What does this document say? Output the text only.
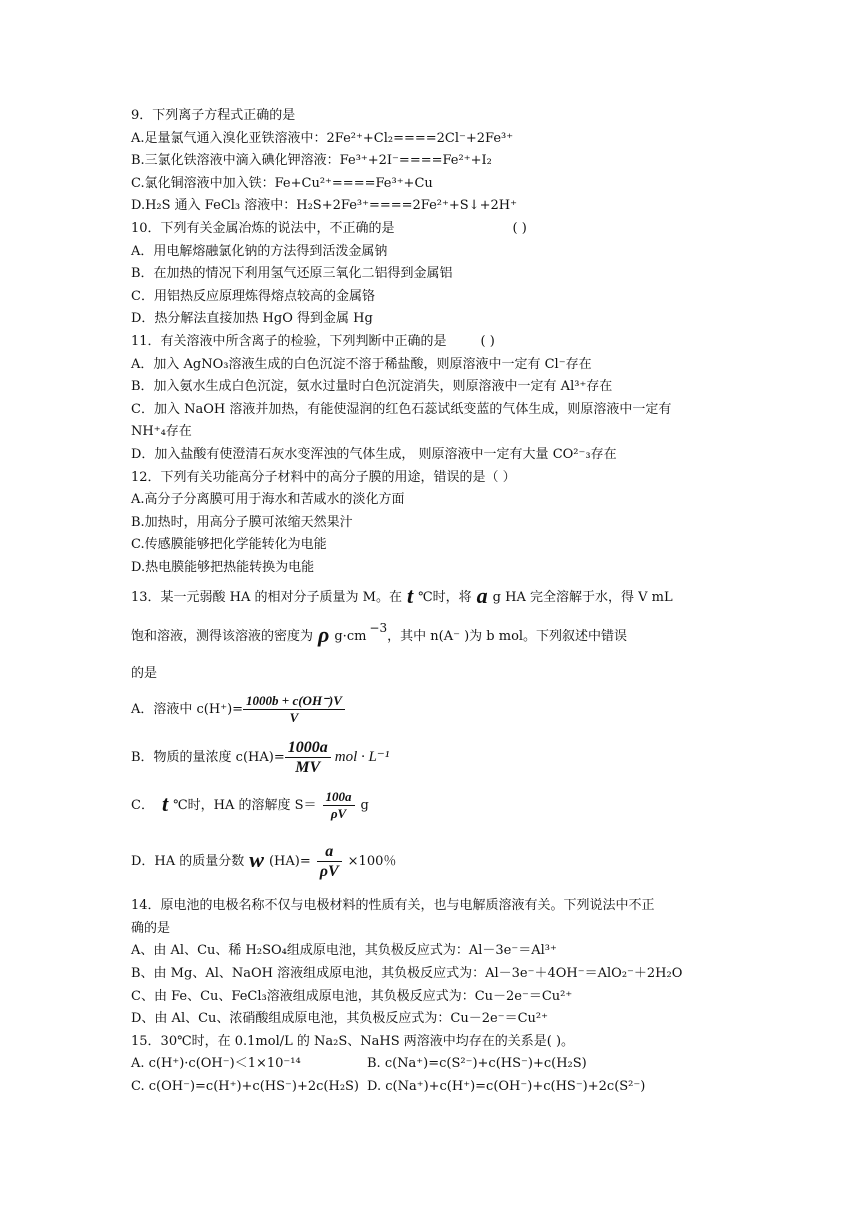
9．下列离子方程式正确的是
A.足量氯气通入溴化亚铁溶液中：2Fe²⁺+Cl₂====2Cl⁻+2Fe³⁺
B.三氯化铁溶液中滴入碘化钾溶液：Fe³⁺+2I⁻====Fe²⁺+I₂
C.氯化铜溶液中加入铁：Fe+Cu²⁺====Fe³⁺+Cu
D.H₂S 通入 FeCl₃ 溶液中：H₂S+2Fe³⁺====2Fe²⁺+S↓+2H⁺
10．下列有关金属冶炼的说法中，不正确的是	( )
A．用电解熔融氯化钠的方法得到活泼金属钠
B．在加热的情况下利用氢气还原三氧化二铝得到金属铝
C．用铝热反应原理炼得熔点较高的金属铬
D．热分解法直接加热 HgO 得到金属 Hg
11．有关溶液中所含离子的检验，下列判断中正确的是	( )
A．加入 AgNO₃溶液生成的白色沉淀不溶于稀盐酸，则原溶液中一定有 Cl⁻存在
B．加入氨水生成白色沉淀，氨水过量时白色沉淀消失，则原溶液中一定有 Al³⁺存在
C．加入 NaOH 溶液并加热，有能使湿润的红色石蕊试纸变蓝的气体生成，则原溶液中一定有
NH⁺₄存在
D．加入盐酸有使澄清石灰水变浑浊的气体生成， 则原溶液中一定有大量 CO²⁻₃存在
12．下列有关功能高分子材料中的高分子膜的用途，错误的是（ ）
A.高分子分离膜可用于海水和苦咸水的淡化方面
B.加热时，用高分子膜可浓缩天然果汁
C.传感膜能够把化学能转化为电能
D.热电膜能够把热能转换为电能
13．某一元弱酸 HA 的相对分子质量为 M。在 t ℃时，将 a g HA 完全溶解于水，得 V mL
饱和溶液，测得该溶液的密度为 ρ $g\cdot cm^{-3}$，其中 n(A⁻ )为 b mol。下列叙述中错误
的是
A．溶液中 $c(H^+)= \frac{1000b + c(OH^-)V}{V}$
B．物质的量浓度 $c(HA)= \frac{1000a}{MV}$ mol · L⁻¹
C． t ℃时，HA 的溶解度 $S= \frac{100a}{\rho V}$ g
D．HA 的质量分数 w $(HA)= \frac{a}{\rho V} \times 100$％
14．原电池的电极名称不仅与电极材料的性质有关，也与电解质溶液有关。下列说法中不正
确的是
A、由 Al、Cu、稀 H₂SO₄组成原电池，其负极反应式为：Al－3e⁻＝Al³⁺
B、由 Mg、Al、NaOH 溶液组成原电池，其负极反应式为：Al－3e⁻＋4OH⁻＝AlO₂⁻＋2H₂O
C、由 Fe、Cu、FeCl₃溶液组成原电池，其负极反应式为：Cu－2e⁻＝Cu²⁺
D、由 Al、Cu、浓硝酸组成原电池，其负极反应式为：Cu－2e⁻＝Cu²⁺
15．30℃时，在 0.1mol/L 的 Na₂S、NaHS 两溶液中均存在的关系是( )。
A. c(H⁺)·c(OH⁻)＜1×10⁻¹⁴	B. c(Na⁺)=c(S²⁻)+c(HS⁻)+c(H₂S)
C. c(OH⁻)=c(H⁺)+c(HS⁻)+2c(H₂S) D. c(Na⁺)+c(H⁺)=c(OH⁻)+c(HS⁻)+2c(S²⁻)
